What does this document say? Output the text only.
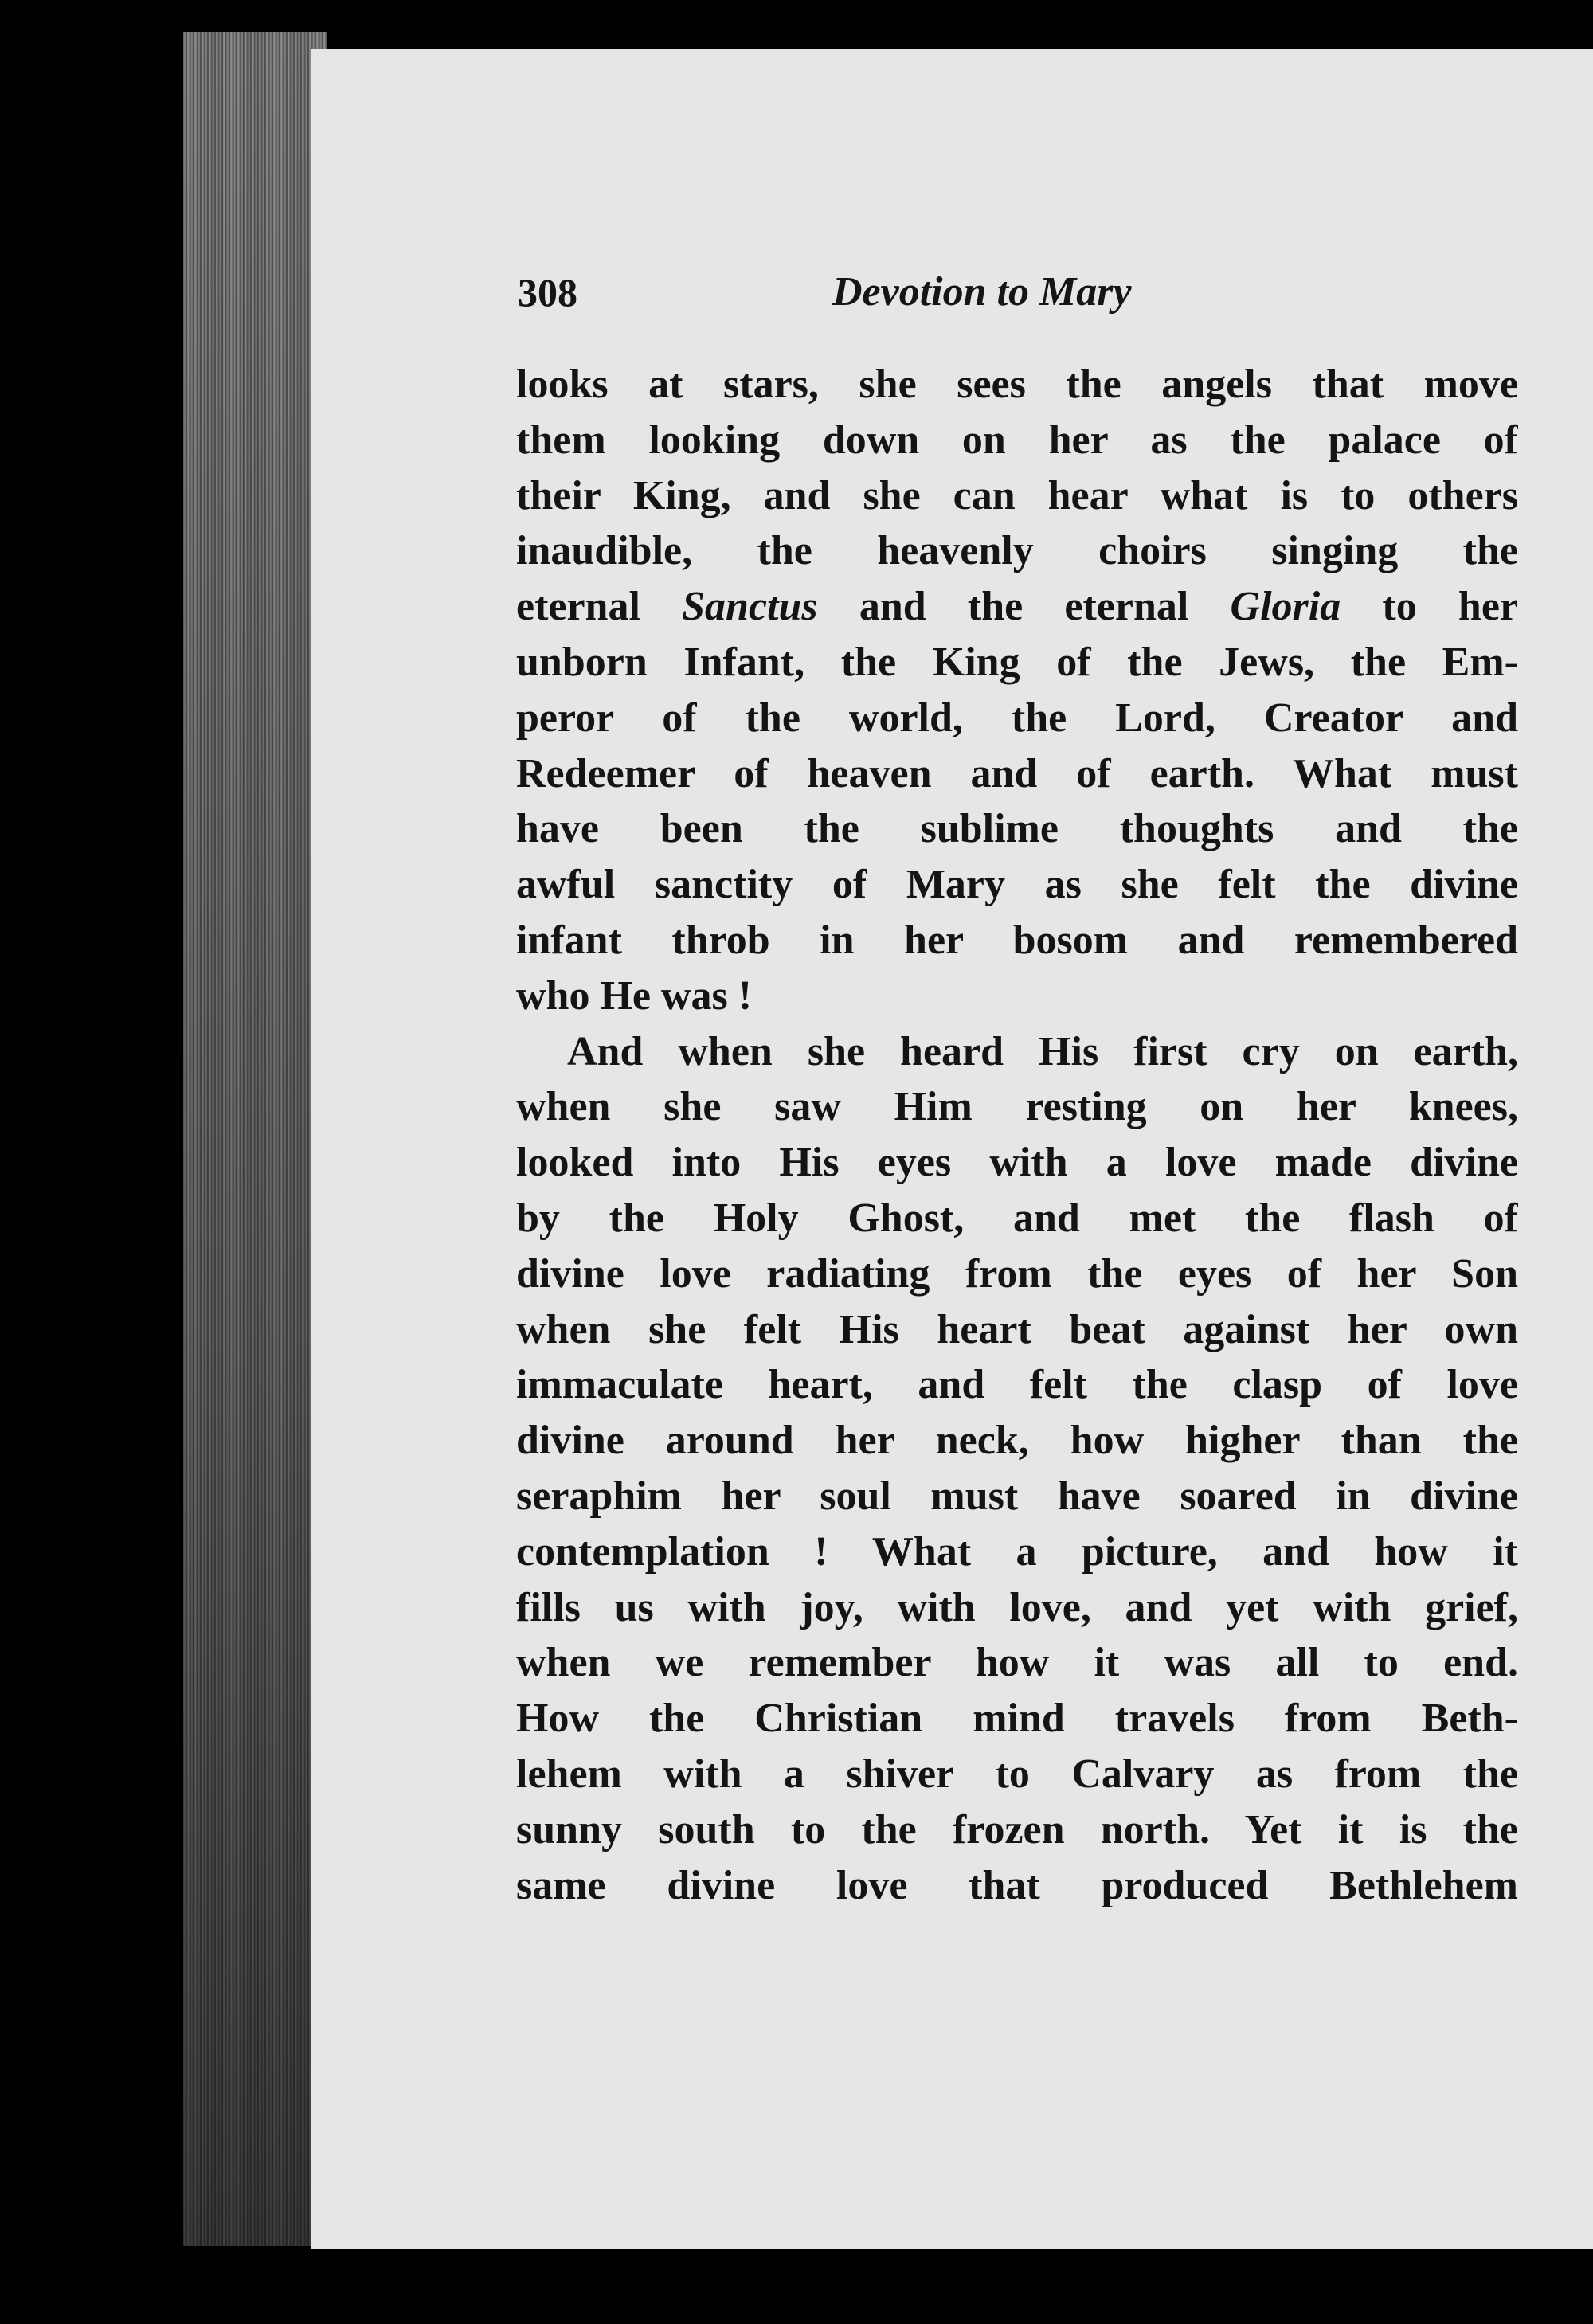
308	Devotion to Mary
looks at stars, she sees the angels that move
them looking down on her as the palace of
their King, and she can hear what is to others
inaudible, the heavenly choirs singing the
eternal Sanctus and the eternal Gloria to her
unborn Infant, the King of the Jews, the Em-
peror of the world, the Lord, Creator and
Redeemer of heaven and of earth. What must
have been the sublime thoughts and the
awful sanctity of Mary as she felt the divine
infant throb in her bosom and remembered
who He was !
And when she heard His first cry on earth,
when she saw Him resting on her knees,
looked into His eyes with a love made divine
by the Holy Ghost, and met the flash of
divine love radiating from the eyes of her Son
when she felt His heart beat against her own
immaculate heart, and felt the clasp of love
divine around her neck, how higher than the
seraphim her soul must have soared in divine
contemplation ! What a picture, and how it
fills us with joy, with love, and yet with grief,
when we remember how it was all to end.
How the Christian mind travels from Beth-
lehem with a shiver to Calvary as from the
sunny south to the frozen north. Yet it is the
same divine love that produced Bethlehem
